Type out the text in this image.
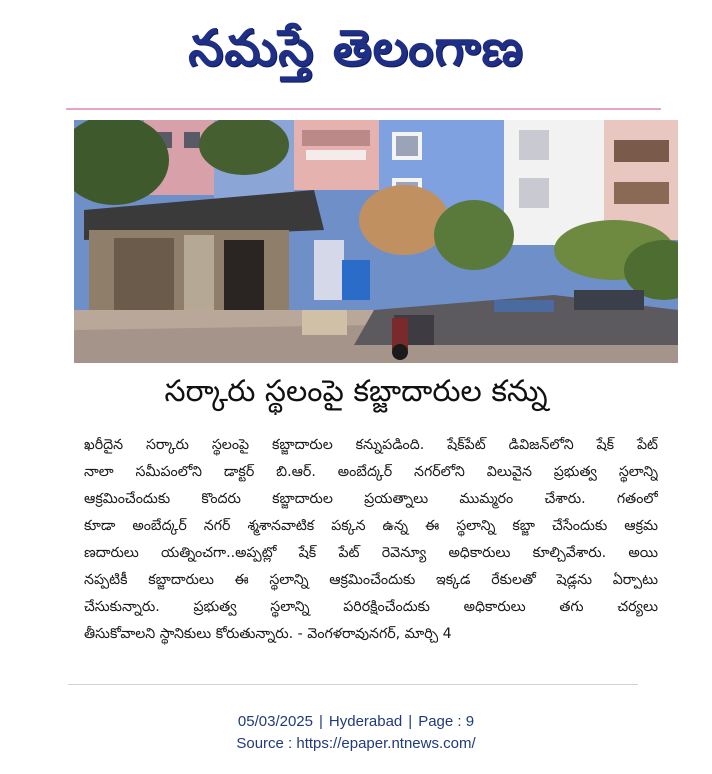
నమస్తే తెలంగాణ
సర్కారు స్థలంపై కబ్జాదారుల కన్ను
ఖరీదైన సర్కారు స్థలంపై కబ్జాదారుల కన్నుపడింది. షేక్‌పేట్ డివిజన్‌లోని షేక్ పేట్
నాలా సమీపంలోని డాక్టర్ బి.ఆర్. అంబేద్కర్ నగర్‌లోని విలువైన ప్రభుత్వ స్థలాన్ని
ఆక్రమించేందుకు కొందరు కబ్జాదారుల ప్రయత్నాలు ముమ్మరం చేశారు. గతంలో
కూడా అంబేద్కర్ నగర్ శ్మశానవాటిక పక్కన ఉన్న ఈ స్థలాన్ని కబ్జా చేసేందుకు ఆక్రమ
ణదారులు యత్నించగా..అప్పట్లో షేక్ పేట్ రెవెన్యూ అధికారులు కూల్చివేశారు. అయి
నప్పటికీ కబ్జాదారులు ఈ స్థలాన్ని ఆక్రమించేందుకు ఇక్కడ రేకులతో షెడ్లను ఏర్పాటు
చేసుకున్నారు. ప్రభుత్వ స్థలాన్ని పరిరక్షించేందుకు అధికారులు తగు చర్యలు
తీసుకోవాలని స్థానికులు కోరుతున్నారు. - వెంగళరావునగర్, మార్చి 4
05/03/2025 | Hyderabad | Page : 9
Source : https://epaper.ntnews.com/
